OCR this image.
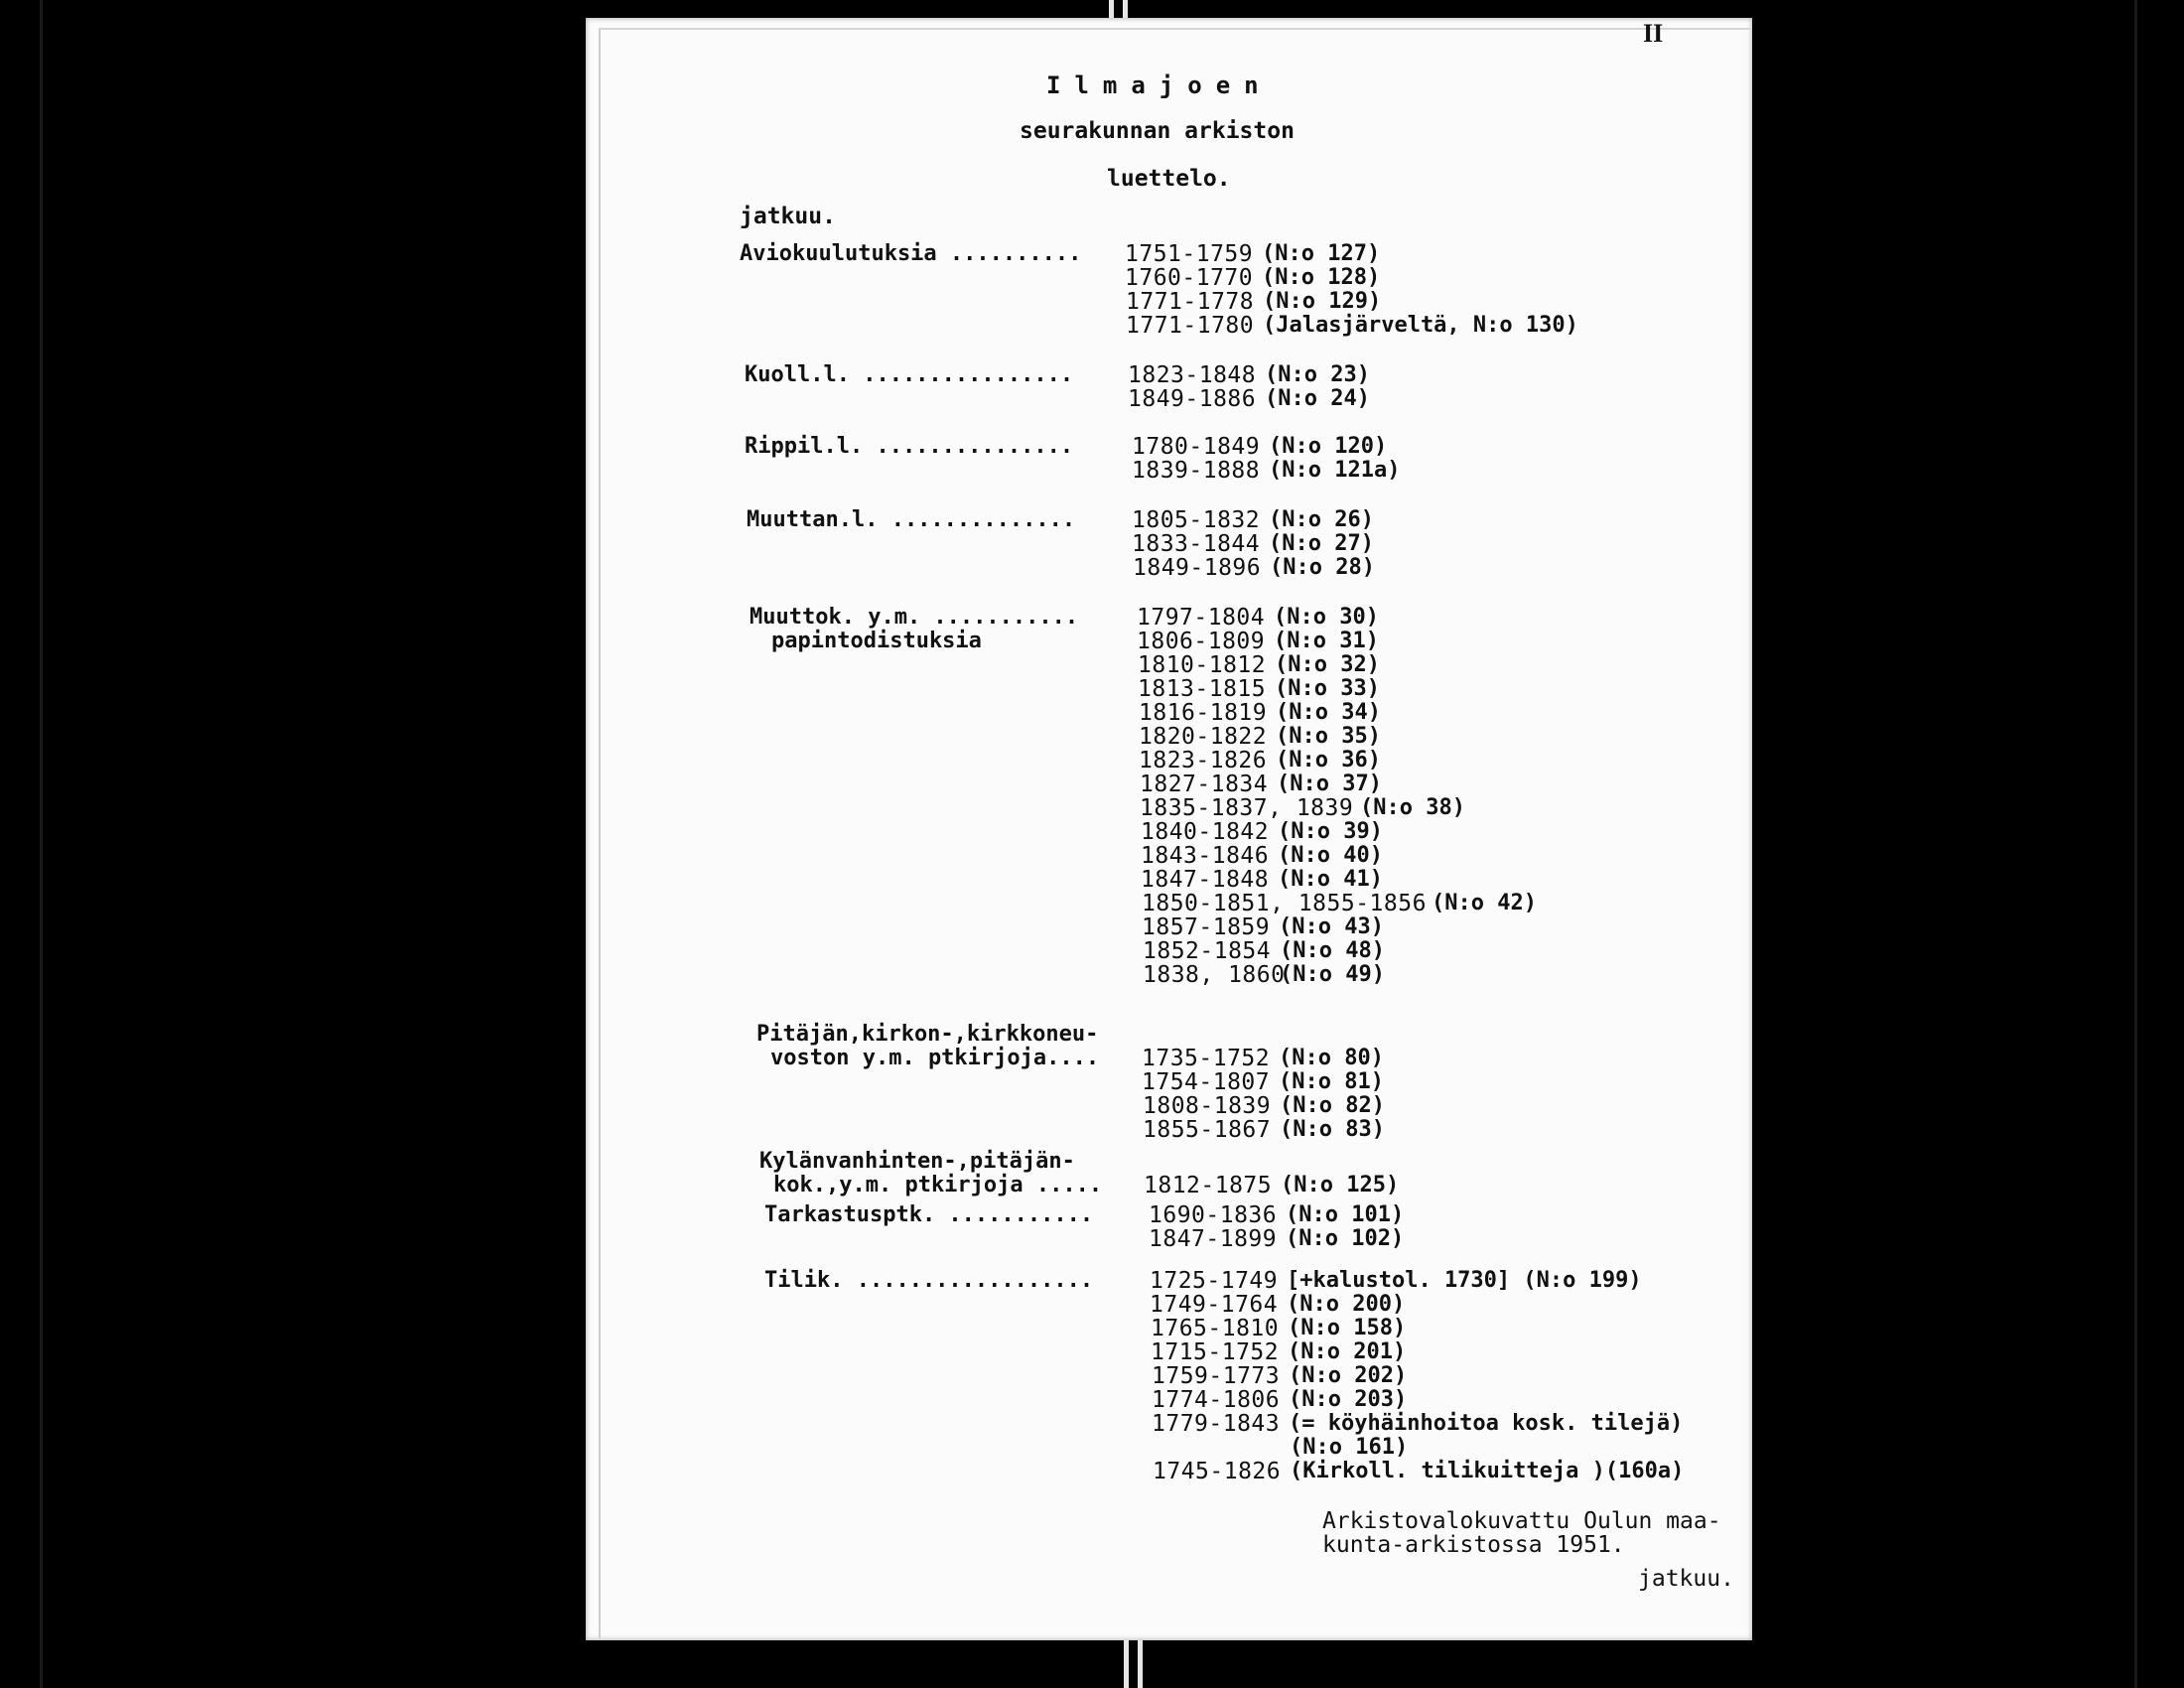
II
Ilmajoen
seurakunnan arkiston
luettelo.
jatkuu.
Aviokuulutuksia .......... 1751-1759 (N:o 127)
1760-1770 (N:o 128)
1771-1778 (N:o 129)
1771-1780 (Jalasjärveltä, N:o 130)
Kuoll.l. ................ 1823-1848 (N:o 23)
1849-1886 (N:o 24)
Rippil.l. ...............	1780-1849 (N:o 120)
1839-1888 (N:o 121a)
Muuttan.l. .............. 1805-1832 (N:o 26)
1833-1844 (N:o 27)
1849-1896 (N:o 28)
Muuttok. y.m. ...........
papintodistuksia
1797-1804 (N:o 30)
1806-1809 (N:o 31)
1810-1812 (N:o 32)
1813-1815 (N:o 33)
1816-1819 (N:o 34)
1820-1822 (N:o 35)
1823-1826 (N:o 36)
1827-1834 (N:o 37)
1835-1837, 1839 (N:o 38)
1840-1842 (N:o 39)
1843-1846 (N:o 40)
1847-1848 (N:o 41)
1850-1851, 1855-1856 (N:o 42)
1857-1859 (N:o 43)
1852-1854 (N:o 48)
1838, 1860
(N:o 49)
Pitäjän,kirkon-,kirkkoneu-
voston y.m. ptkirjoja.... 1735-1752 (N:o 80)
1754-1807 (N:o 81)
1808-1839 (N:o 82)
1855-1867 (N:o 83)
Kylänvanhinten-,pitäjän-
kok.,y.m. ptkirjoja ..... 1812-1875 (N:o 125)
Tarkastusptk. ........... 1690-1836 (N:o 101)
1847-1899 (N:o 102)
Tilik. .................. 1725-1749 [+kalustol. 1730] (N:o 199)
1749-1764 (N:o 200)
1765-1810 (N:o 158)
1715-1752 (N:o 201)
1759-1773 (N:o 202)
1774-1806 (N:o 203)
1779-1843 (= köyhäinhoitoa kosk. tilejä)
(N:o 161)
1745-1826 (Kirkoll. tilikuitteja )(160a)
Arkistovalokuvattu Oulun maa-
kunta-arkistossa 1951.
jatkuu.
